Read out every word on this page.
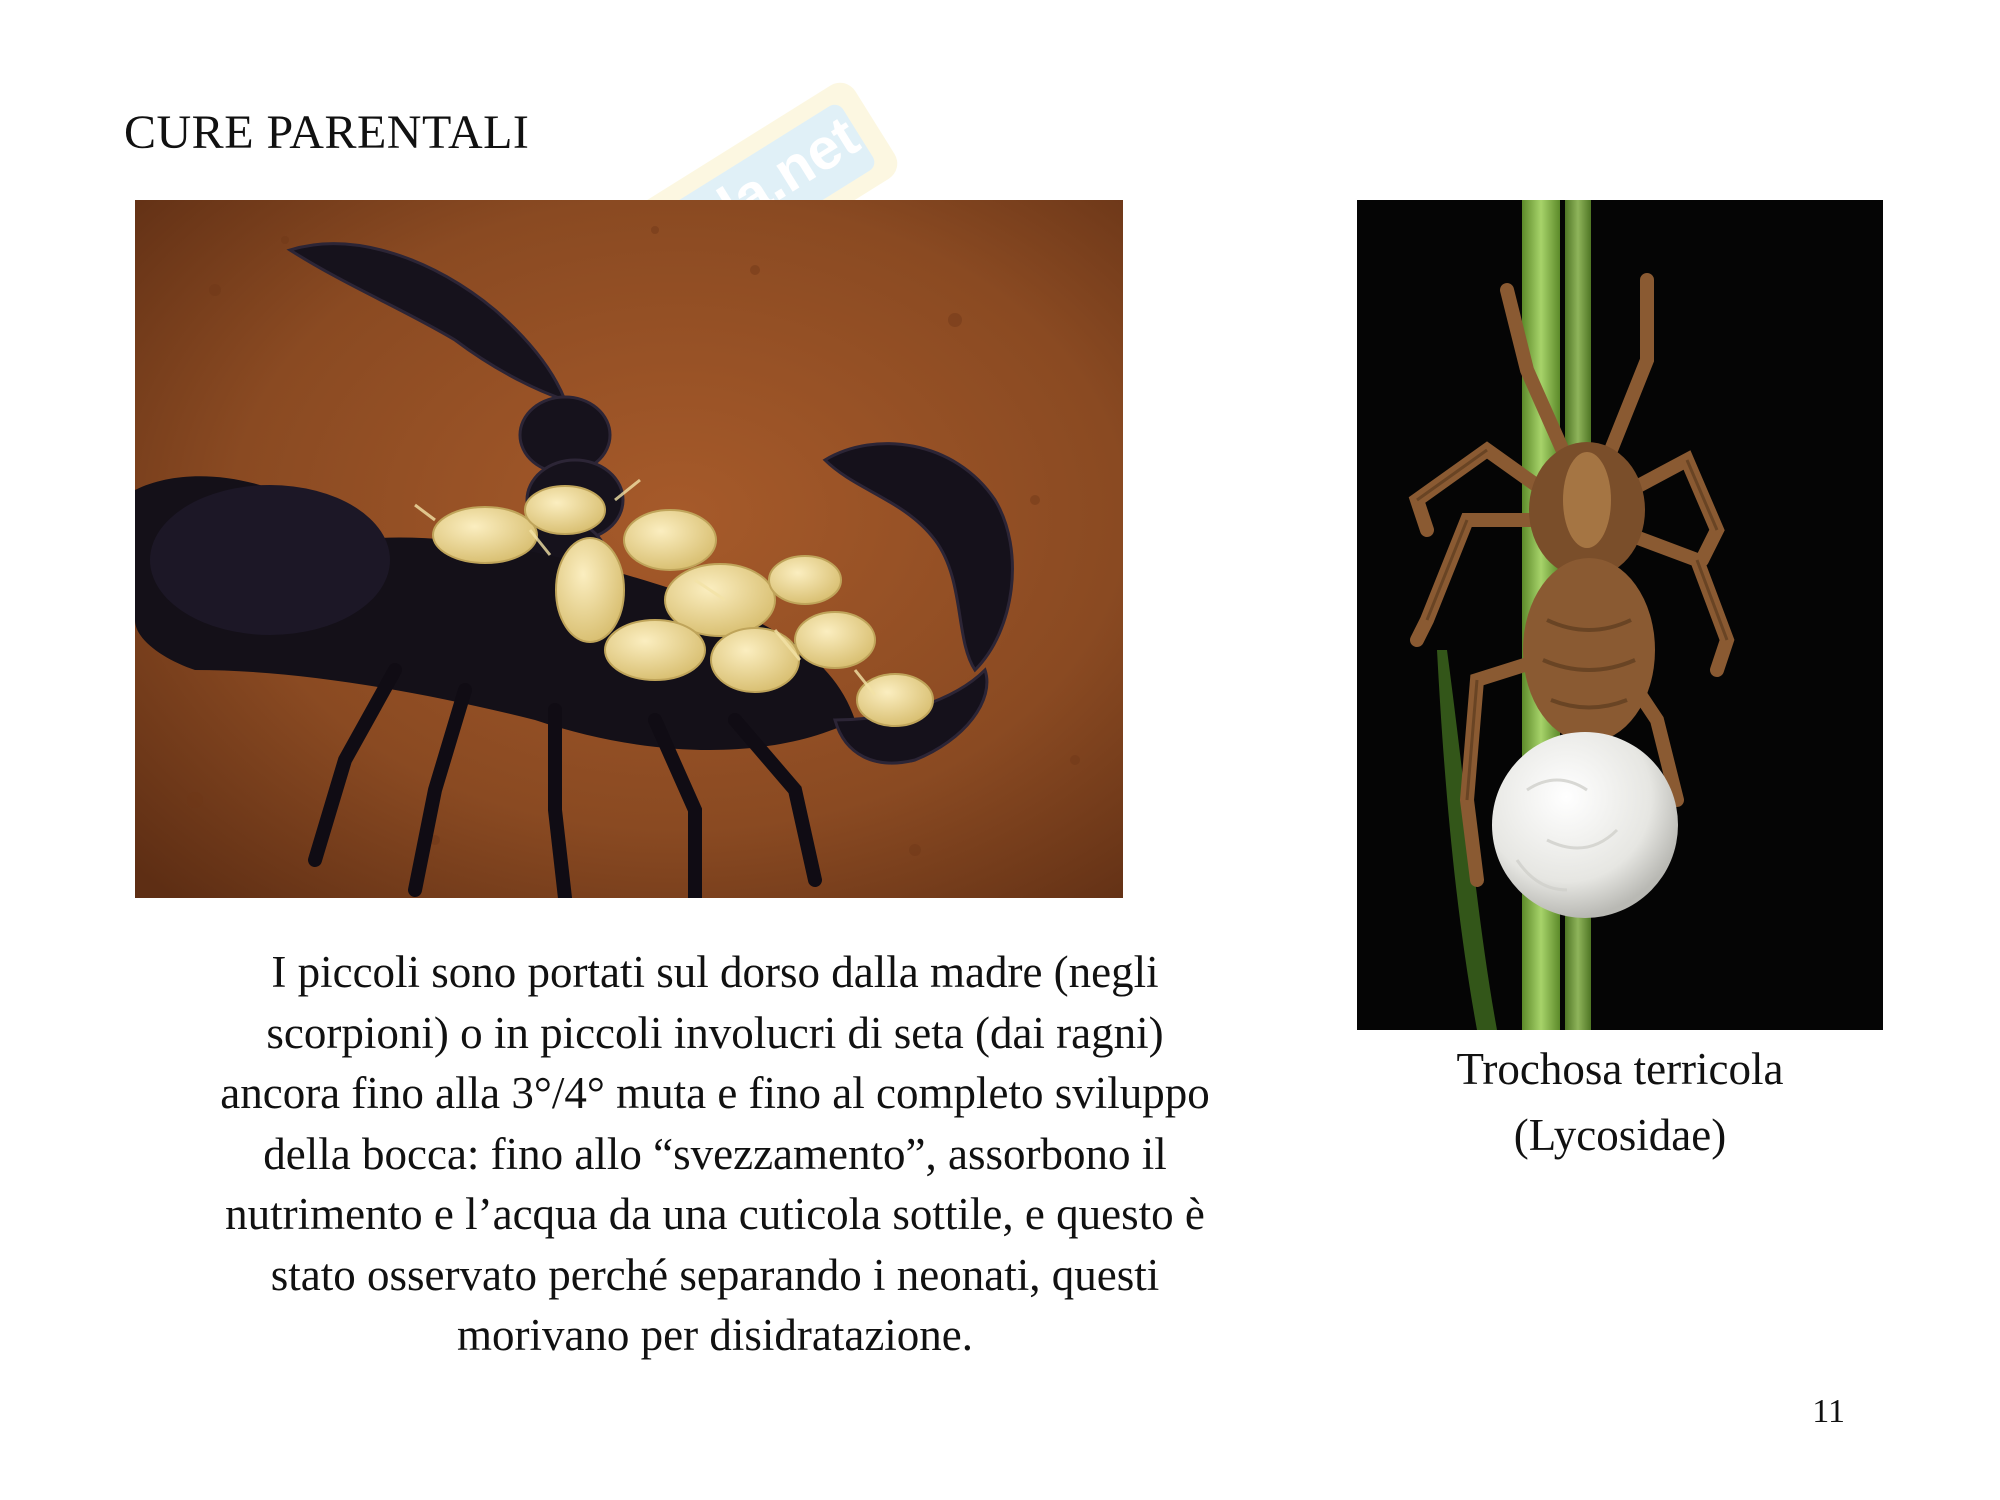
CURE PARENTALI
I piccoli sono portati sul dorso dalla madre (negli
scorpioni) o in piccoli involucri di seta (dai ragni)
ancora fino alla 3°/4° muta e fino al completo sviluppo
della bocca: fino allo “svezzamento”, assorbono il
nutrimento e l’acqua da una cuticola sottile, e questo è
stato osservato perché separando i neonati, questi
morivano per disidratazione.
Trochosa terricola
(Lycosidae)
11
